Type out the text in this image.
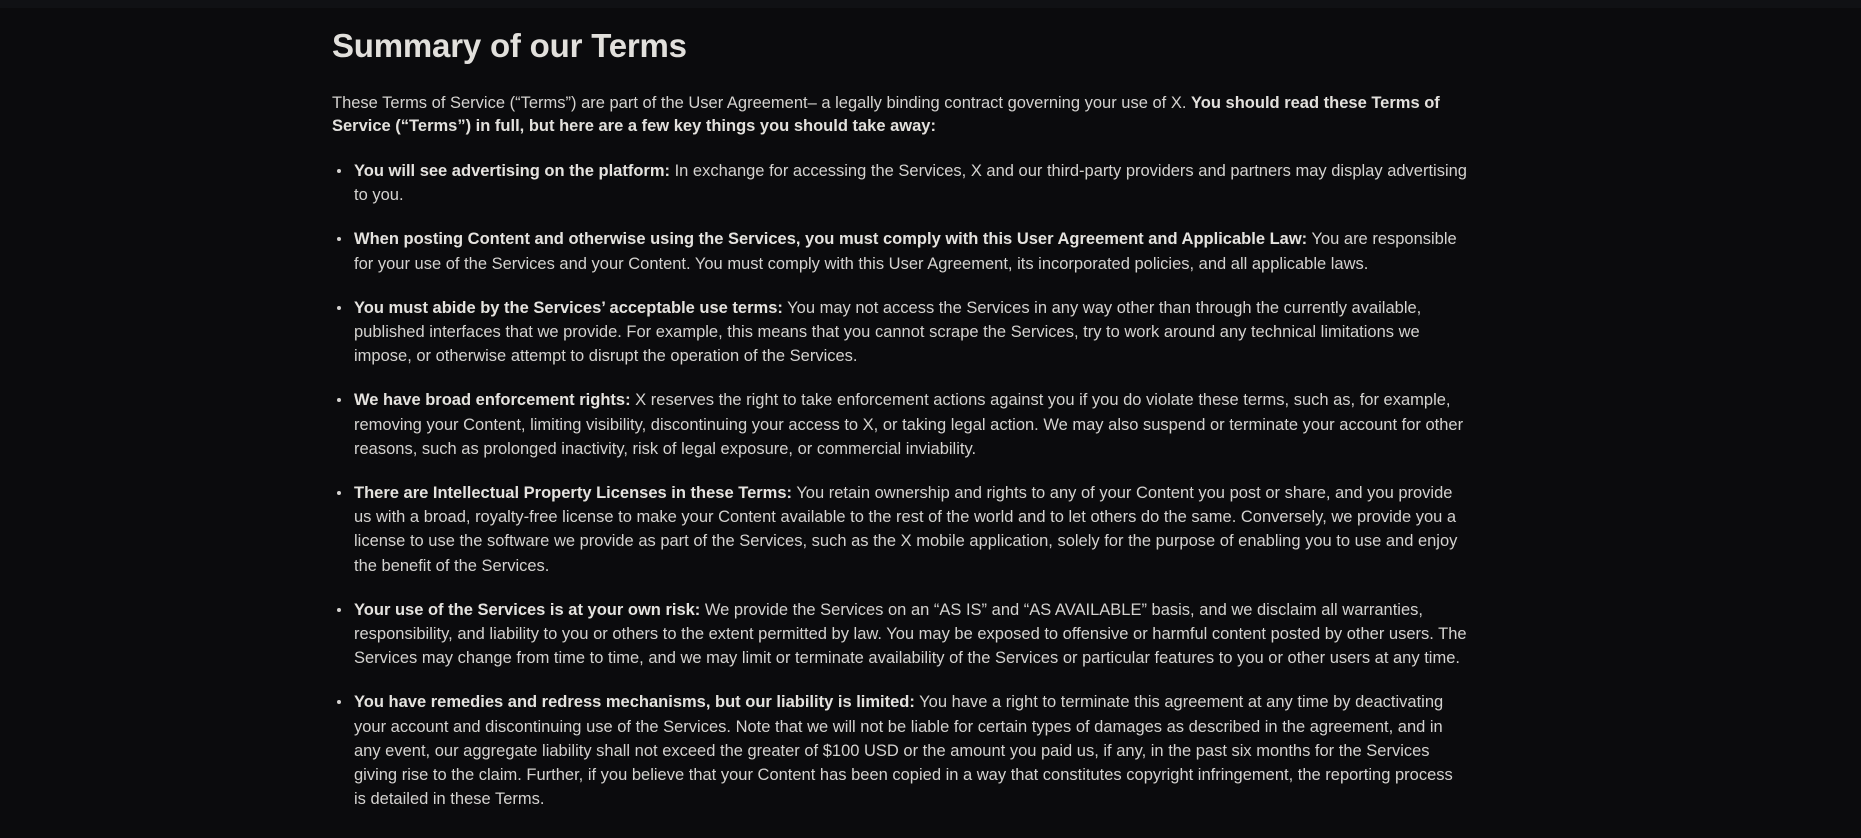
Summary of our Terms

These Terms of Service (“Terms”) are part of the User Agreement– a legally binding contract governing your use of X. You should read these Terms of Service (“Terms”) in full, but here are a few key things you should take away:

You will see advertising on the platform: In exchange for accessing the Services, X and our third-party providers and partners may display advertising to you.
When posting Content and otherwise using the Services, you must comply with this User Agreement and Applicable Law: You are responsible for your use of the Services and your Content. You must comply with this User Agreement, its incorporated policies, and all applicable laws.
You must abide by the Services’ acceptable use terms: You may not access the Services in any way other than through the currently available, published interfaces that we provide. For example, this means that you cannot scrape the Services, try to work around any technical limitations we impose, or otherwise attempt to disrupt the operation of the Services.
We have broad enforcement rights: X reserves the right to take enforcement actions against you if you do violate these terms, such as, for example, removing your Content, limiting visibility, discontinuing your access to X, or taking legal action. We may also suspend or terminate your account for other reasons, such as prolonged inactivity, risk of legal exposure, or commercial inviability.
There are Intellectual Property Licenses in these Terms: You retain ownership and rights to any of your Content you post or share, and you provide us with a broad, royalty-free license to make your Content available to the rest of the world and to let others do the same. Conversely, we provide you a license to use the software we provide as part of the Services, such as the X mobile application, solely for the purpose of enabling you to use and enjoy the benefit of the Services.
Your use of the Services is at your own risk: We provide the Services on an “AS IS” and “AS AVAILABLE” basis, and we disclaim all warranties, responsibility, and liability to you or others to the extent permitted by law. You may be exposed to offensive or harmful content posted by other users. The Services may change from time to time, and we may limit or terminate availability of the Services or particular features to you or other users at any time.
You have remedies and redress mechanisms, but our liability is limited: You have a right to terminate this agreement at any time by deactivating your account and discontinuing use of the Services. Note that we will not be liable for certain types of damages as described in the agreement, and in any event, our aggregate liability shall not exceed the greater of $100 USD or the amount you paid us, if any, in the past six months for the Services giving rise to the claim. Further, if you believe that your Content has been copied in a way that constitutes copyright infringement, the reporting process is detailed in these Terms.
